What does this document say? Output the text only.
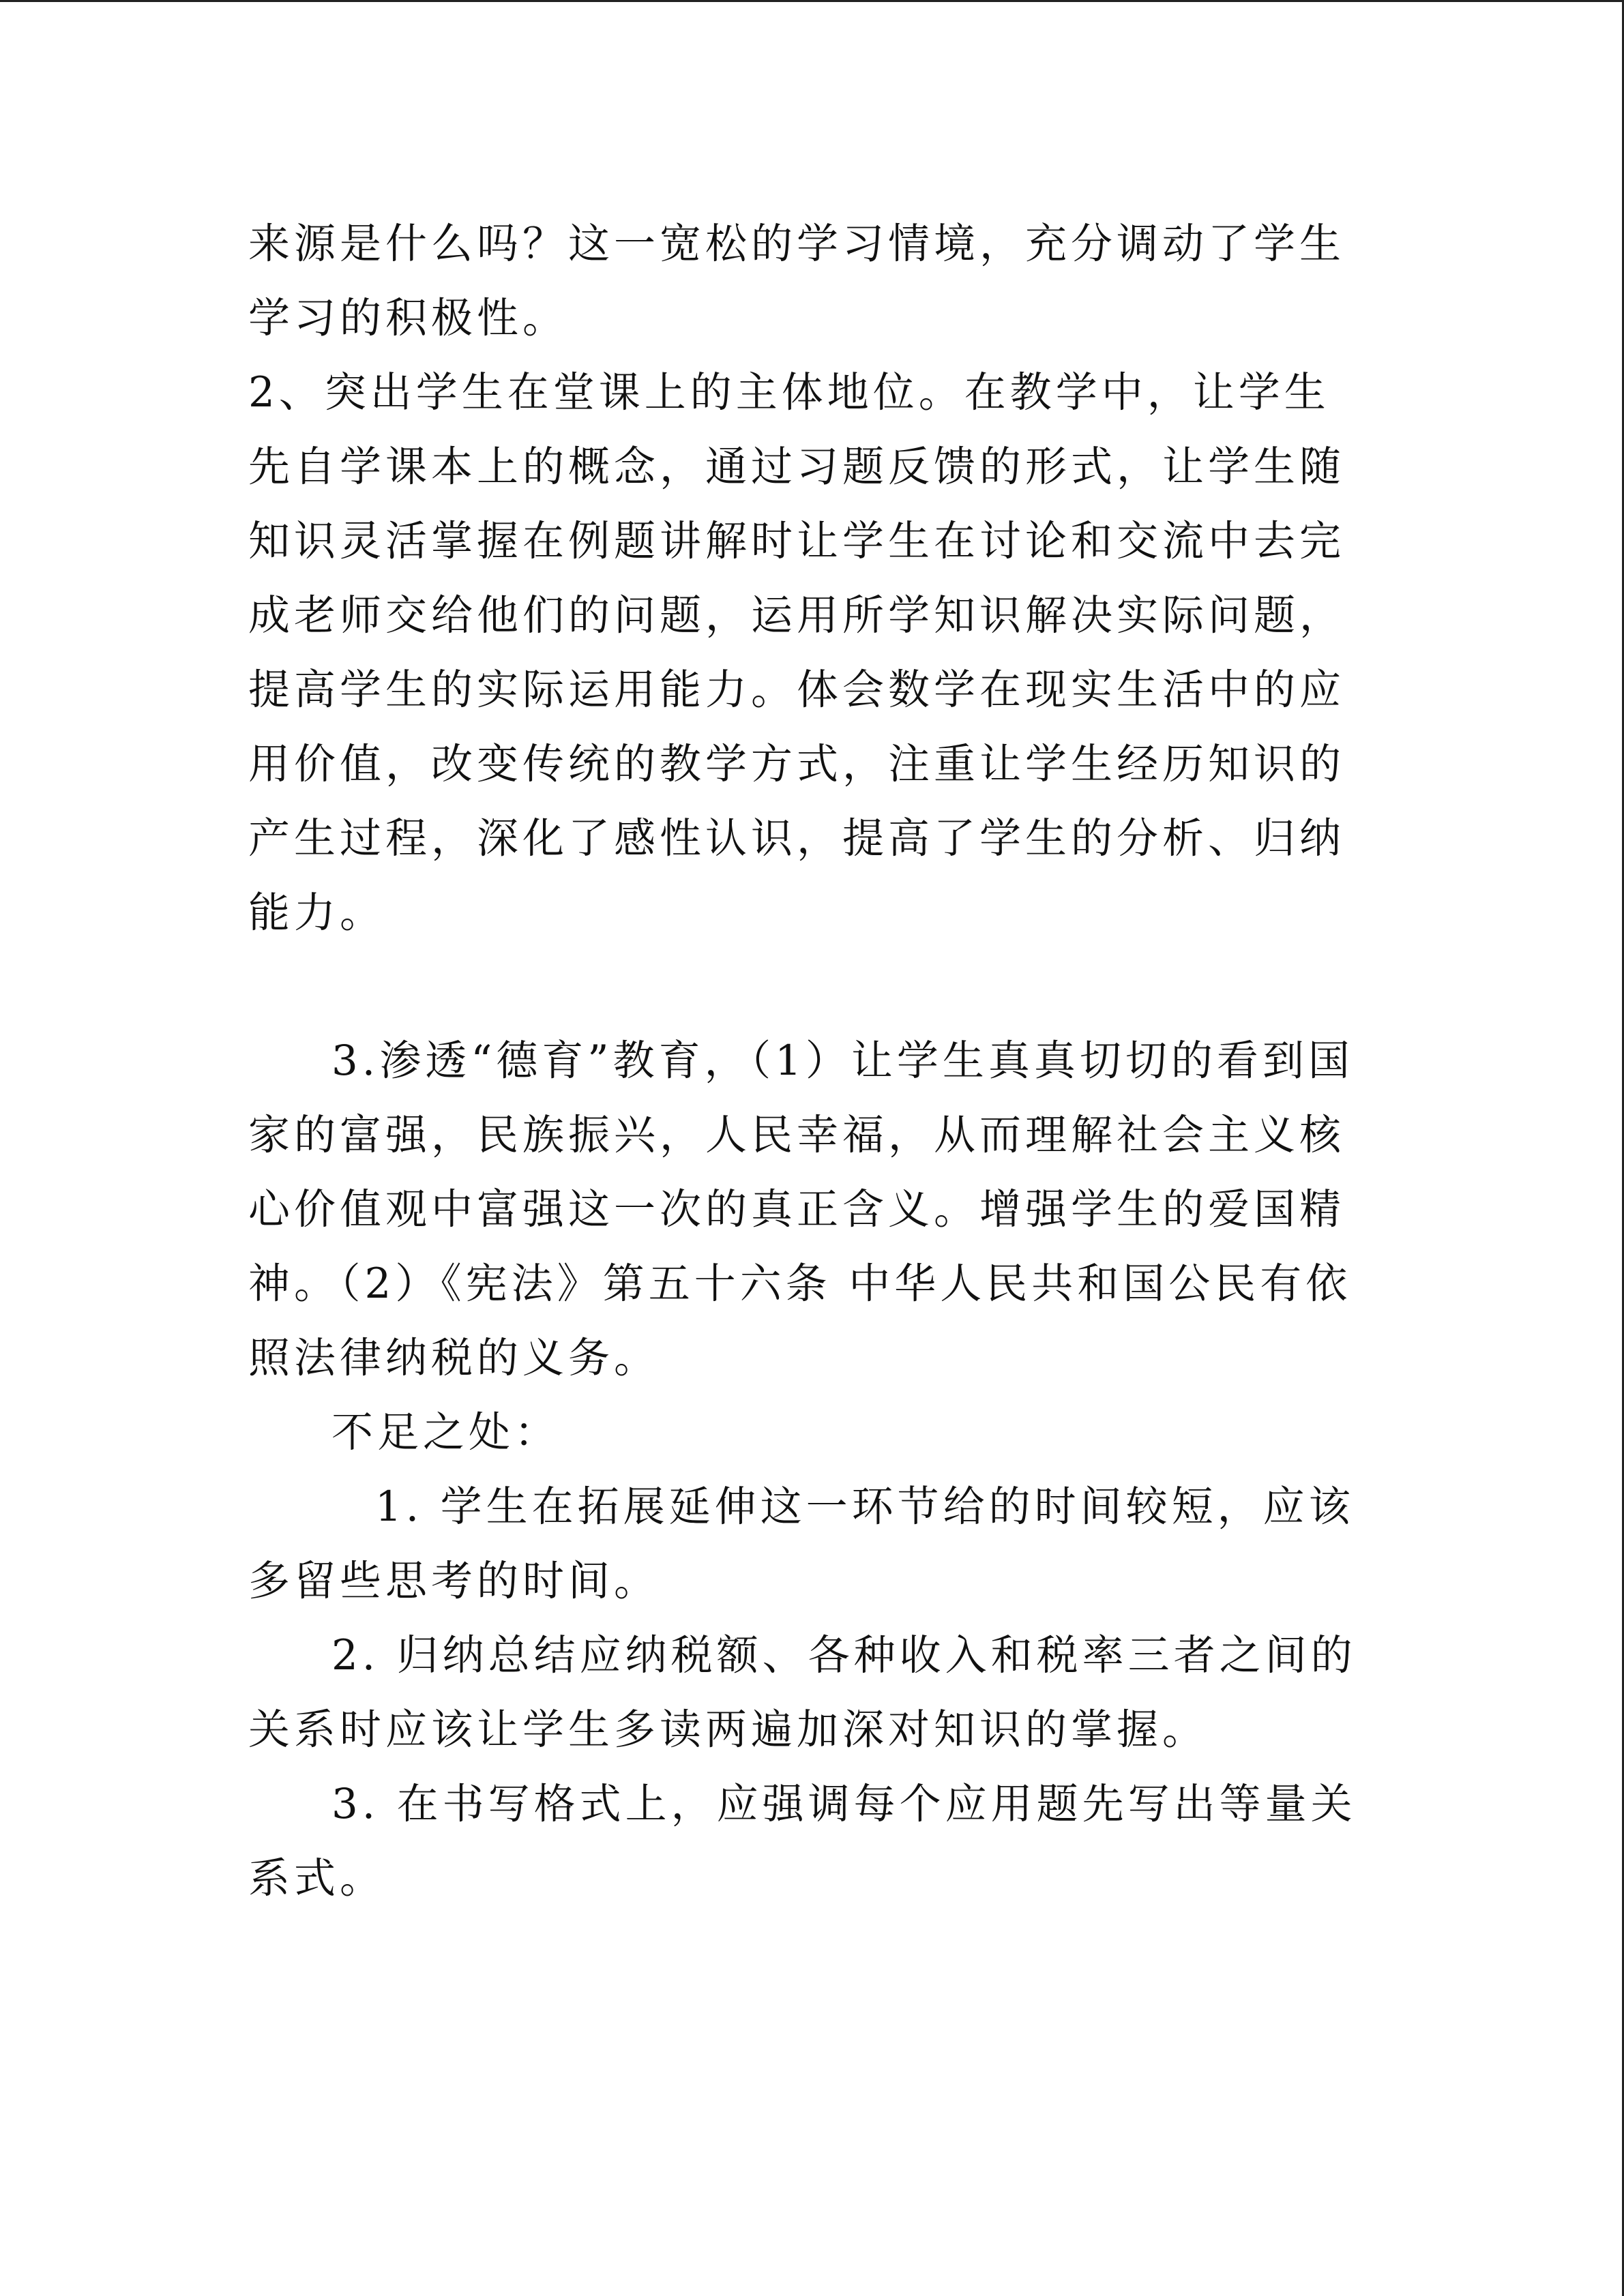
来源是什么吗？这一宽松的学习情境，充分调动了学生学习的积极性。

2、突出学生在堂课上的主体地位。在教学中，让学生先自学课本上的概念，通过习题反馈的形式，让学生随知识灵活掌握在例题讲解时让学生在讨论和交流中去完成老师交给他们的问题，运用所学知识解决实际问题，提高学生的实际运用能力。体会数学在现实生活中的应用价值，改变传统的教学方式，注重让学生经历知识的产生过程，深化了感性认识，提高了学生的分析、归纳能力。

3.渗透“德育”教育，（1）让学生真真切切的看到国家的富强，民族振兴，人民幸福，从而理解社会主义核心价值观中富强这一次的真正含义。增强学生的爱国精神。（2）《宪法》第五十六条 中华人民共和国公民有依照法律纳税的义务。

不足之处：

1. 学生在拓展延伸这一环节给的时间较短，应该多留些思考的时间。

2. 归纳总结应纳税额、各种收入和税率三者之间的关系时应该让学生多读两遍加深对知识的掌握。

3. 在书写格式上，应强调每个应用题先写出等量关系式。
